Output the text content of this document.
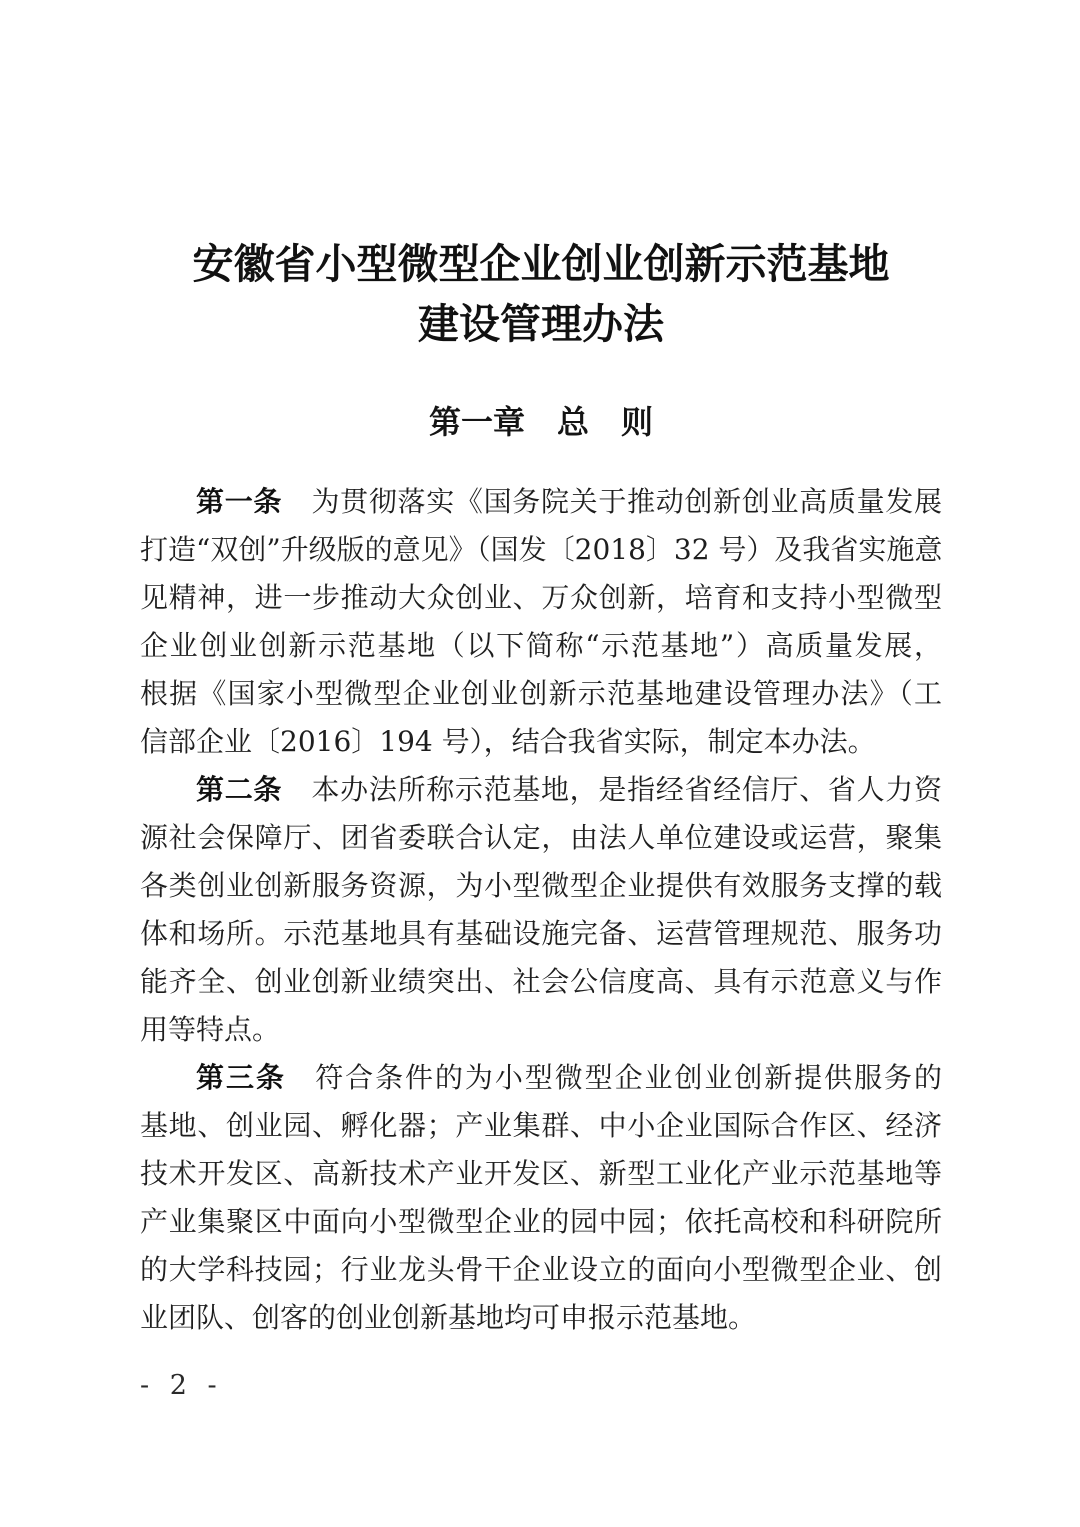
安徽省小型微型企业创业创新示范基地
建设管理办法
第一章　总　则
第一条 为贯彻落实《国务院关于推动创新创业高质量发展
打造“双创”升级版的意见》（国发〔2018〕32 号）及我省实施意
见精神，进一步推动大众创业、万众创新，培育和支持小型微型
企业创业创新示范基地（以下简称“示范基地”）高质量发展，
根据《国家小型微型企业创业创新示范基地建设管理办法》（工
信部企业〔2016〕194 号），结合我省实际，制定本办法。
第二条 本办法所称示范基地，是指经省经信厅、省人力资
源社会保障厅、团省委联合认定，由法人单位建设或运营，聚集
各类创业创新服务资源，为小型微型企业提供有效服务支撑的载
体和场所。示范基地具有基础设施完备、运营管理规范、服务功
能齐全、创业创新业绩突出、社会公信度高、具有示范意义与作
用等特点。
第三条 符合条件的为小型微型企业创业创新提供服务的
基地、创业园、孵化器；产业集群、中小企业国际合作区、经济
技术开发区、高新技术产业开发区、新型工业化产业示范基地等
产业集聚区中面向小型微型企业的园中园；依托高校和科研院所
的大学科技园；行业龙头骨干企业设立的面向小型微型企业、创
业团队、创客的创业创新基地均可申报示范基地。
- 2 -
